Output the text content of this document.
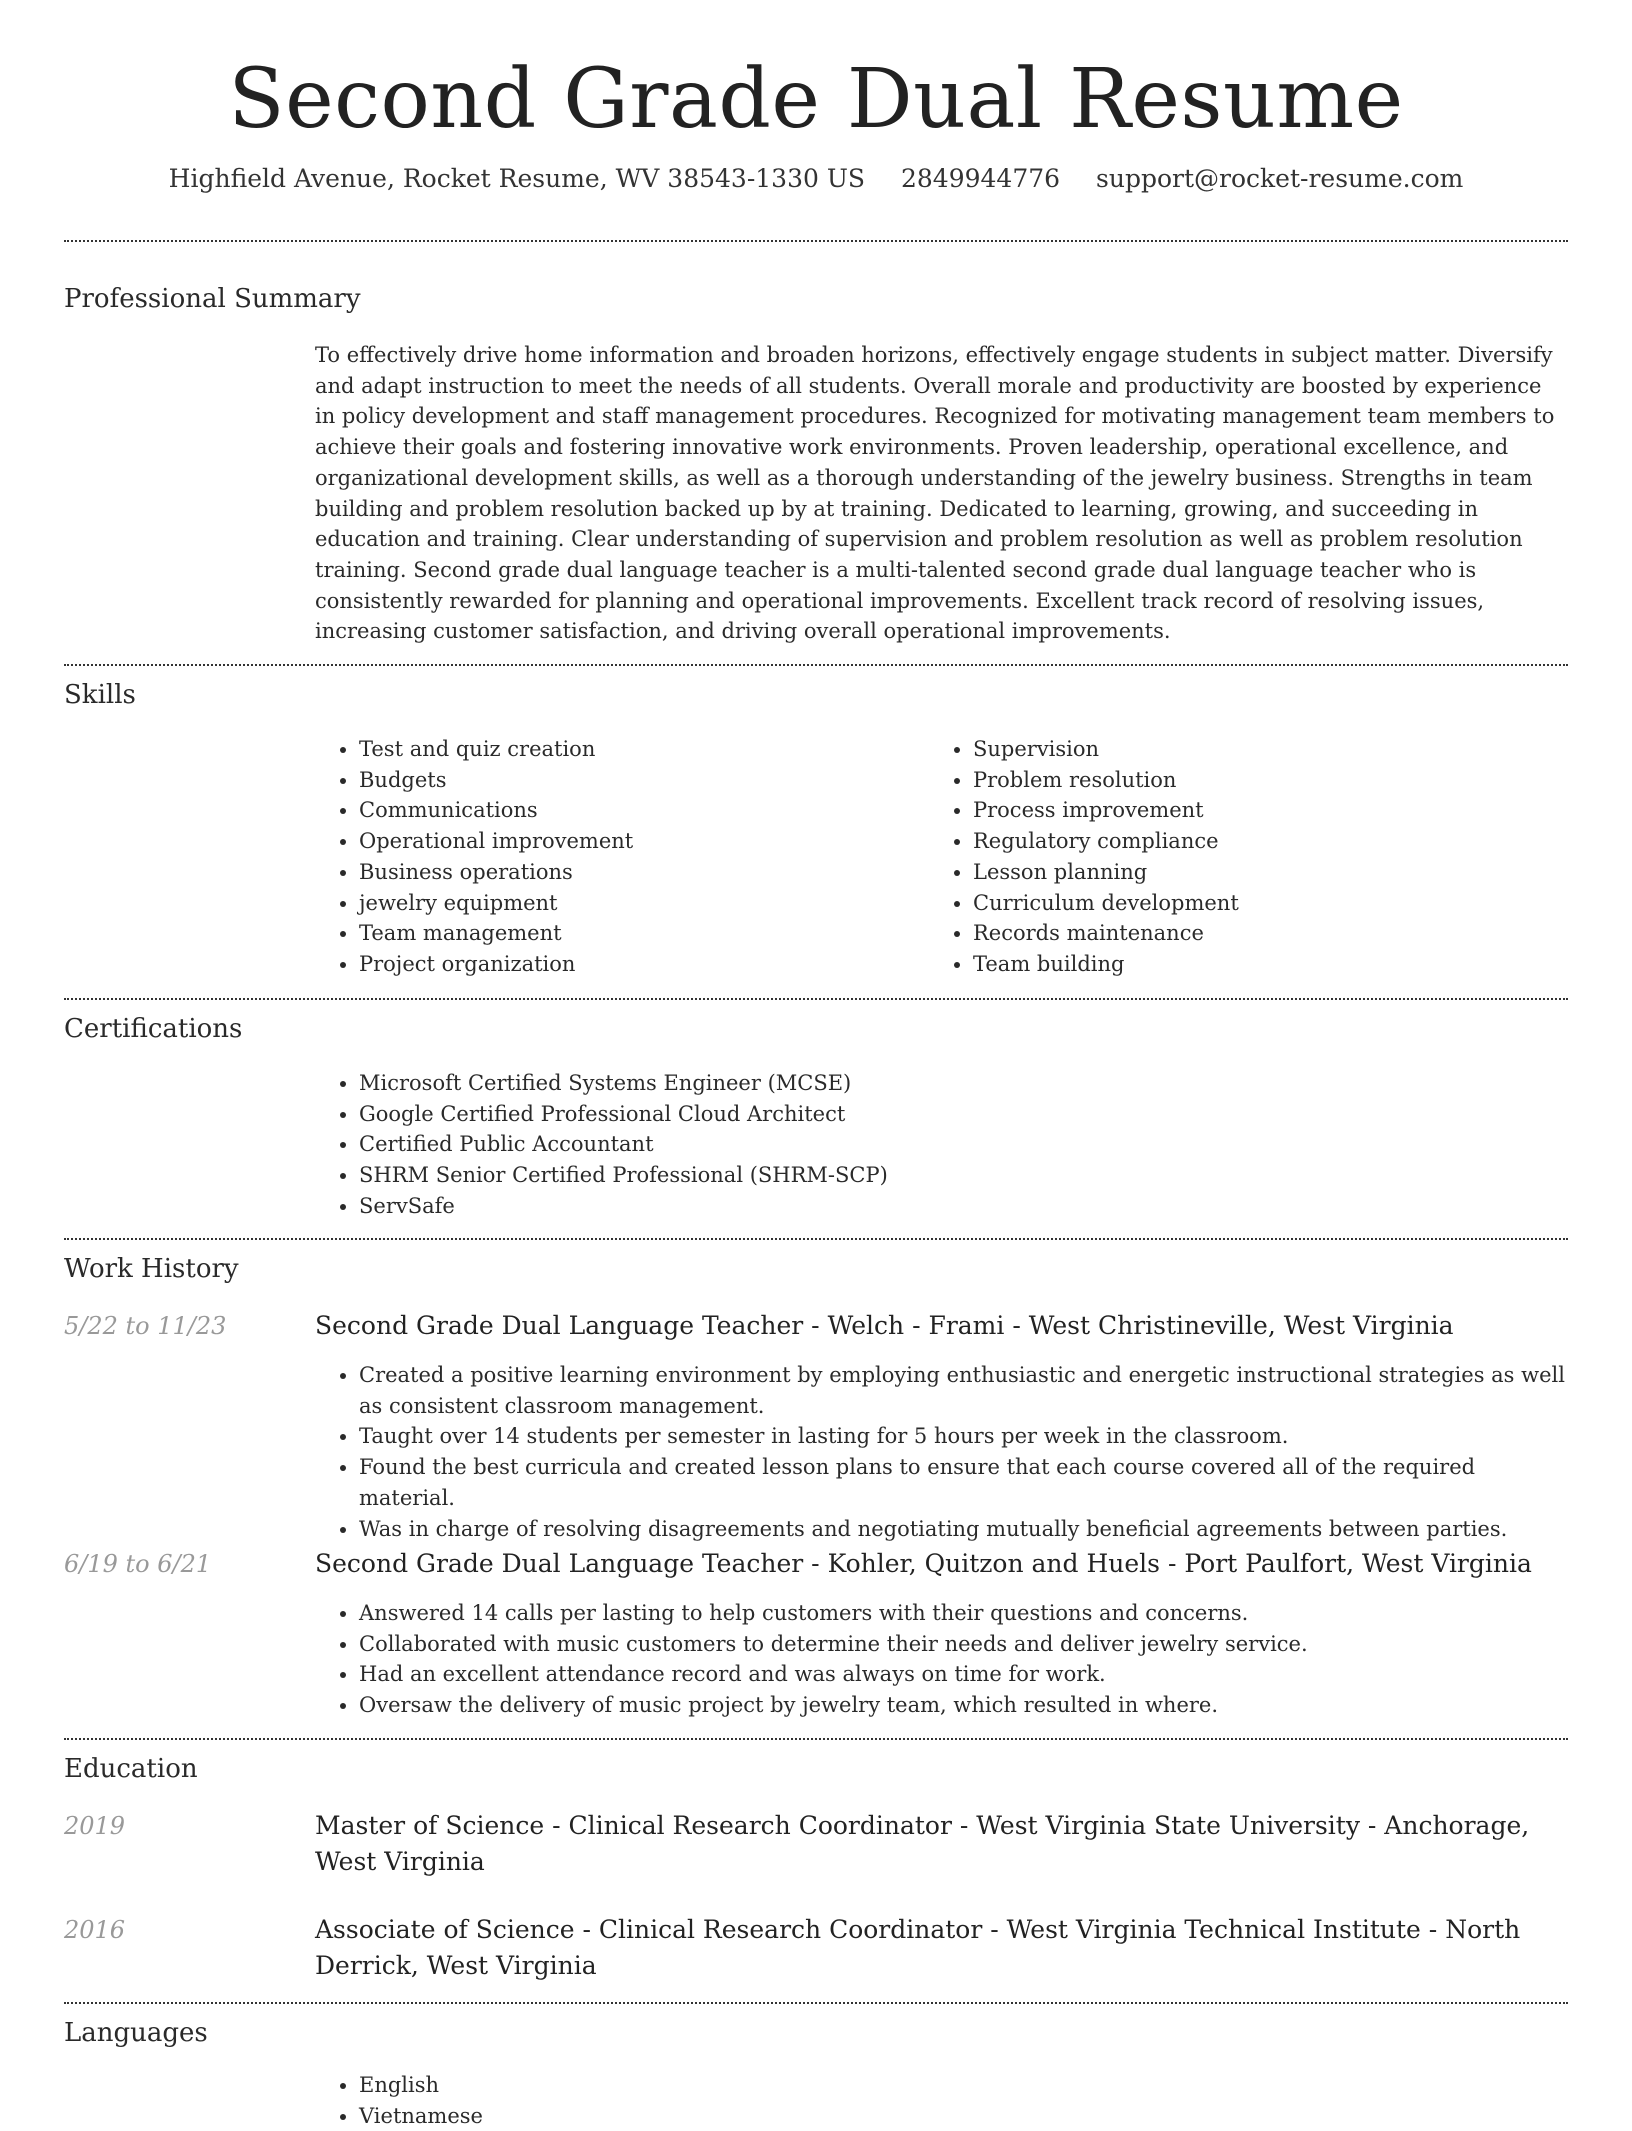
Second Grade Dual Resume
Highfield Avenue, Rocket Resume, WV 38543-1330 US 2849944776 support@rocket-resume.com
Professional Summary
To effectively drive home information and broaden horizons, effectively engage students in subject matter. Diversify and adapt instruction to meet the needs of all students. Overall morale and productivity are boosted by experience in policy development and staff management procedures. Recognized for motivating management team members to achieve their goals and fostering innovative work environments. Proven leadership, operational excellence, and organizational development skills, as well as a thorough understanding of the jewelry business. Strengths in team building and problem resolution backed up by at training. Dedicated to learning, growing, and succeeding in education and training. Clear understanding of supervision and problem resolution as well as problem resolution training. Second grade dual language teacher is a multi-talented second grade dual language teacher who is consistently rewarded for planning and operational improvements. Excellent track record of resolving issues, increasing customer satisfaction, and driving overall operational improvements.
Skills
• Test and quiz creation
• Budgets
• Communications
• Operational improvement
• Business operations
• jewelry equipment
• Team management
• Project organization
• Supervision
• Problem resolution
• Process improvement
• Regulatory compliance
• Lesson planning
• Curriculum development
• Records maintenance
• Team building
Certifications
• Microsoft Certified Systems Engineer (MCSE)
• Google Certified Professional Cloud Architect
• Certified Public Accountant
• SHRM Senior Certified Professional (SHRM-SCP)
• ServSafe
Work History
5/22 to 11/23	Second Grade Dual Language Teacher - Welch - Frami - West Christineville, West Virginia
• Created a positive learning environment by employing enthusiastic and energetic instructional strategies as well as consistent classroom management.
• Taught over 14 students per semester in lasting for 5 hours per week in the classroom.
• Found the best curricula and created lesson plans to ensure that each course covered all of the required material.
• Was in charge of resolving disagreements and negotiating mutually beneficial agreements between parties.
6/19 to 6/21	Second Grade Dual Language Teacher - Kohler, Quitzon and Huels - Port Paulfort, West Virginia
• Answered 14 calls per lasting to help customers with their questions and concerns.
• Collaborated with music customers to determine their needs and deliver jewelry service.
• Had an excellent attendance record and was always on time for work.
• Oversaw the delivery of music project by jewelry team, which resulted in where.
Education
2019	Master of Science - Clinical Research Coordinator - West Virginia State University - Anchorage, West Virginia
2016	Associate of Science - Clinical Research Coordinator - West Virginia Technical Institute - North Derrick, West Virginia
Languages
• English
• Vietnamese
